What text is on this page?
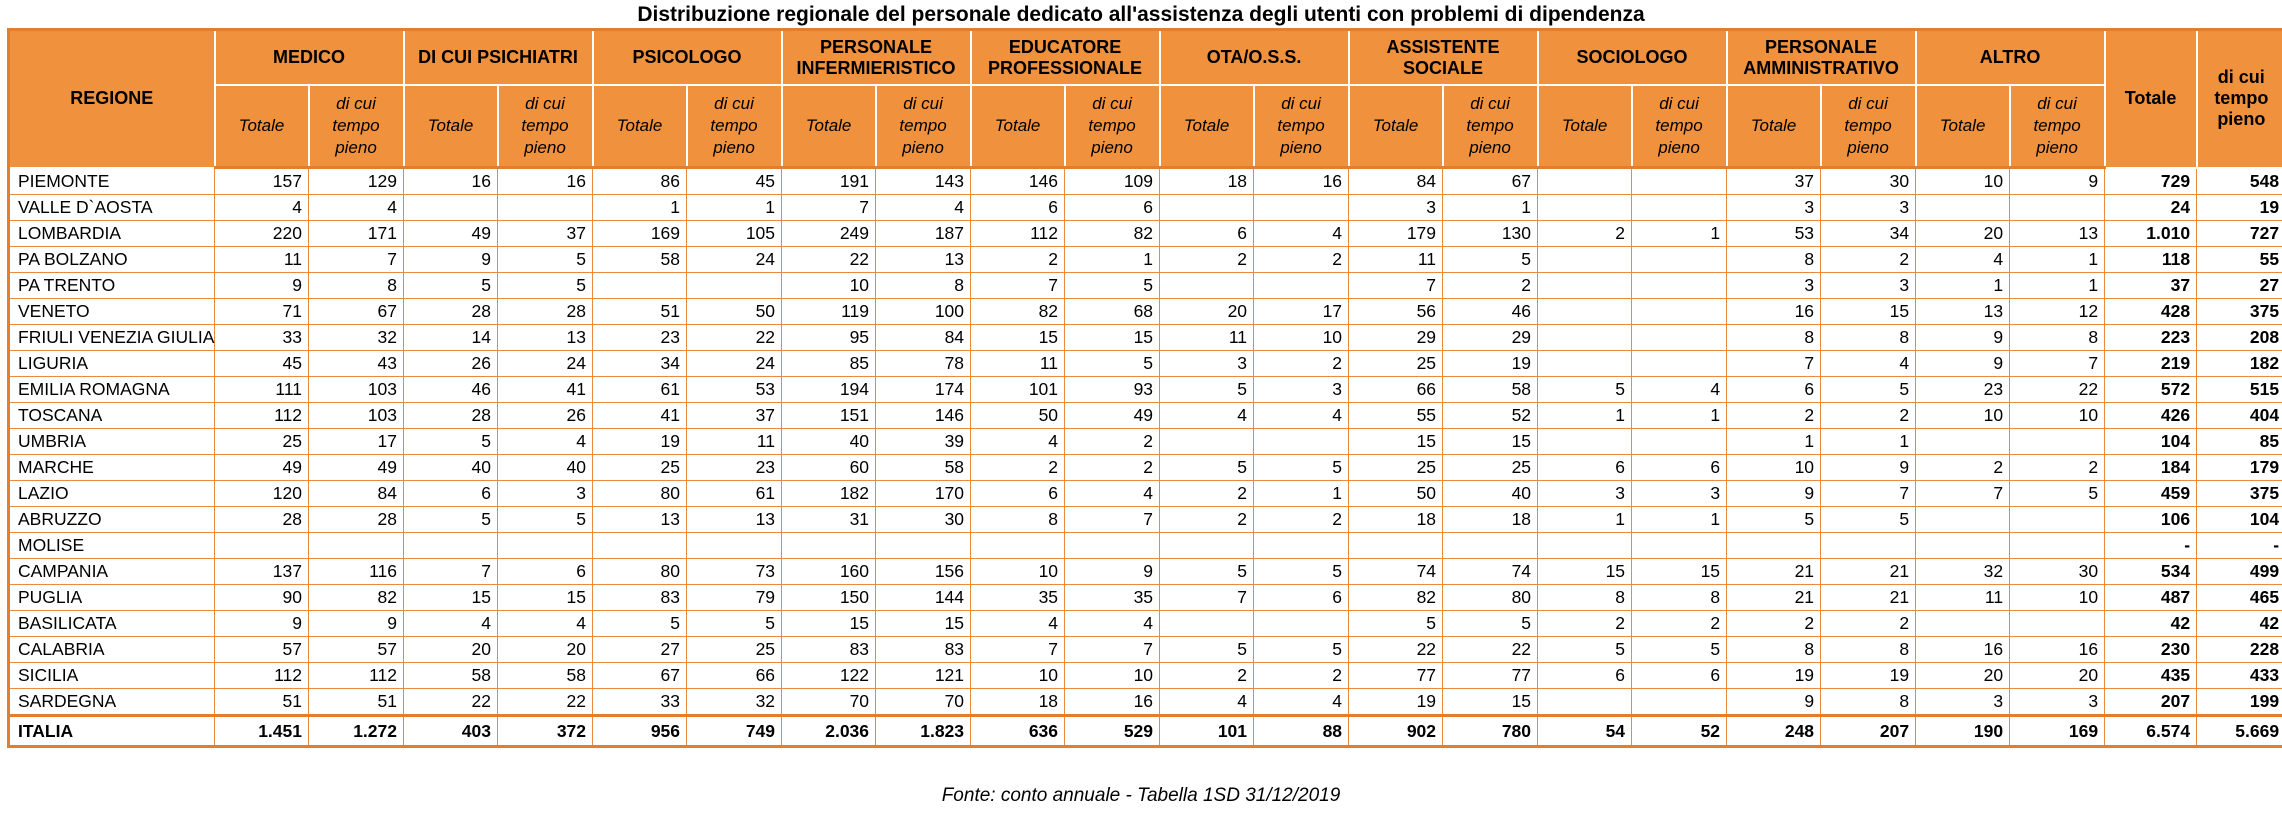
Distribuzione regionale del personale dedicato all'assistenza degli utenti con problemi di dipendenza
REGIONE	MEDICO		DI CUI PSICHIATRI		PSICOLOGO		PERSONALE INFERMIERISTICO		EDUCATORE PROFESSIONALE		OTA/O.S.S.		ASSISTENTE SOCIALE		SOCIOLOGO		PERSONALE AMMINISTRATIVO		ALTRO		Totale	di cui tempo pieno
	Totale	di cui tempo pieno	Totale	di cui tempo pieno	Totale	di cui tempo pieno	Totale	di cui tempo pieno	Totale	di cui tempo pieno	Totale	di cui tempo pieno	Totale	di cui tempo pieno	Totale	di cui tempo pieno	Totale	di cui tempo pieno	Totale	di cui tempo pieno		
PIEMONTE	157	129	16	16	86	45	191	143	146	109	18	16	84	67			37	30	10	9	729	548
VALLE D`AOSTA	4	4			1	1	7	4	6	6			3	1			3	3			24	19
LOMBARDIA	220	171	49	37	169	105	249	187	112	82	6	4	179	130	2	1	53	34	20	13	1.010	727
PA BOLZANO	11	7	9	5	58	24	22	13	2	1	2	2	11	5			8	2	4	1	118	55
PA TRENTO	9	8	5	5			10	8	7	5			7	2			3	3	1	1	37	27
VENETO	71	67	28	28	51	50	119	100	82	68	20	17	56	46			16	15	13	12	428	375
FRIULI VENEZIA GIULIA	33	32	14	13	23	22	95	84	15	15	11	10	29	29			8	8	9	8	223	208
LIGURIA	45	43	26	24	34	24	85	78	11	5	3	2	25	19			7	4	9	7	219	182
EMILIA ROMAGNA	111	103	46	41	61	53	194	174	101	93	5	3	66	58	5	4	6	5	23	22	572	515
TOSCANA	112	103	28	26	41	37	151	146	50	49	4	4	55	52	1	1	2	2	10	10	426	404
UMBRIA	25	17	5	4	19	11	40	39	4	2			15	15			1	1			104	85
MARCHE	49	49	40	40	25	23	60	58	2	2	5	5	25	25	6	6	10	9	2	2	184	179
LAZIO	120	84	6	3	80	61	182	170	6	4	2	1	50	40	3	3	9	7	7	5	459	375
ABRUZZO	28	28	5	5	13	13	31	30	8	7	2	2	18	18	1	1	5	5			106	104
MOLISE																					-	-
CAMPANIA	137	116	7	6	80	73	160	156	10	9	5	5	74	74	15	15	21	21	32	30	534	499
PUGLIA	90	82	15	15	83	79	150	144	35	35	7	6	82	80	8	8	21	21	11	10	487	465
BASILICATA	9	9	4	4	5	5	15	15	4	4			5	5	2	2	2	2			42	42
CALABRIA	57	57	20	20	27	25	83	83	7	7	5	5	22	22	5	5	8	8	16	16	230	228
SICILIA	112	112	58	58	67	66	122	121	10	10	2	2	77	77	6	6	19	19	20	20	435	433
SARDEGNA	51	51	22	22	33	32	70	70	18	16	4	4	19	15			9	8	3	3	207	199
ITALIA	1.451	1.272	403	372	956	749	2.036	1.823	636	529	101	88	902	780	54	52	248	207	190	169	6.574	5.669
Fonte: conto annuale - Tabella 1SD 31/12/2019
